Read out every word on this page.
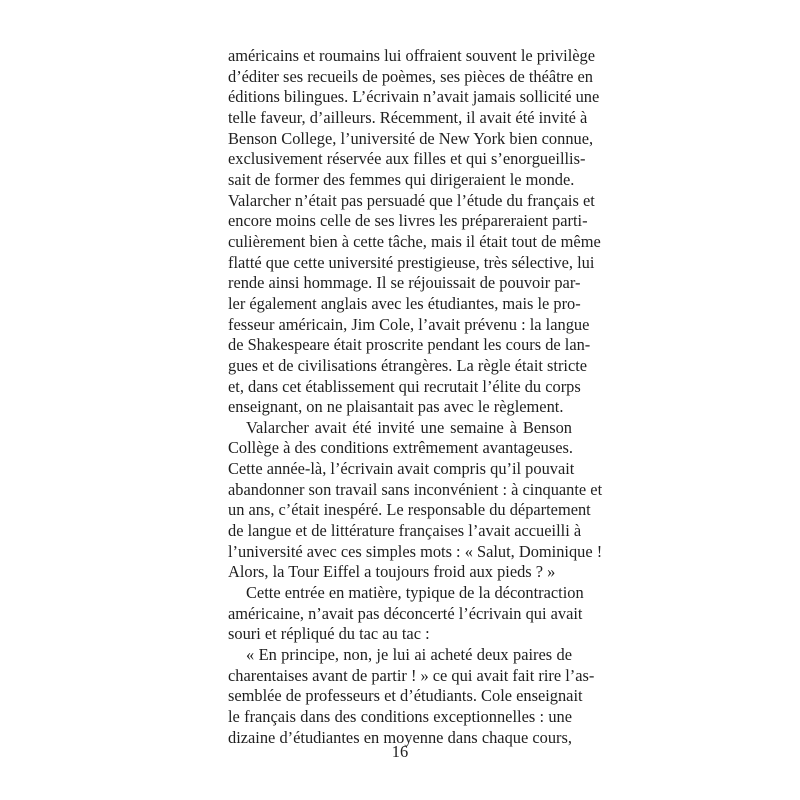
américains et roumains lui offraient souvent le privilège
d’éditer ses recueils de poèmes, ses pièces de théâtre en
éditions bilingues. L’écrivain n’avait jamais sollicité une
telle faveur, d’ailleurs. Récemment, il avait été invité à
Benson College, l’université de New York bien connue,
exclusivement réservée aux filles et qui s’enorgueillis-
sait de former des femmes qui dirigeraient le monde.
Valarcher n’était pas persuadé que l’étude du français et
encore moins celle de ses livres les prépareraient parti-
culièrement bien à cette tâche, mais il était tout de même
flatté que cette université prestigieuse, très sélective, lui
rende ainsi hommage. Il se réjouissait de pouvoir par-
ler également anglais avec les étudiantes, mais le pro-
fesseur américain, Jim Cole, l’avait prévenu : la langue
de Shakespeare était proscrite pendant les cours de lan-
gues et de civilisations étrangères. La règle était stricte
et, dans cet établissement qui recrutait l’élite du corps
enseignant, on ne plaisantait pas avec le règlement.
Valarcher avait été invité une semaine à Benson
Collège à des conditions extrêmement avantageuses.
Cette année-là, l’écrivain avait compris qu’il pouvait
abandonner son travail sans inconvénient : à cinquante et
un ans, c’était inespéré. Le responsable du département
de langue et de littérature françaises l’avait accueilli à
l’université avec ces simples mots : « Salut, Dominique !
Alors, la Tour Eiffel a toujours froid aux pieds ? »
Cette entrée en matière, typique de la décontraction
américaine, n’avait pas déconcerté l’écrivain qui avait
souri et répliqué du tac au tac :
« En principe, non, je lui ai acheté deux paires de
charentaises avant de partir ! » ce qui avait fait rire l’as-
semblée de professeurs et d’étudiants. Cole enseignait
le français dans des conditions exceptionnelles : une
dizaine d’étudiantes en moyenne dans chaque cours,
16
